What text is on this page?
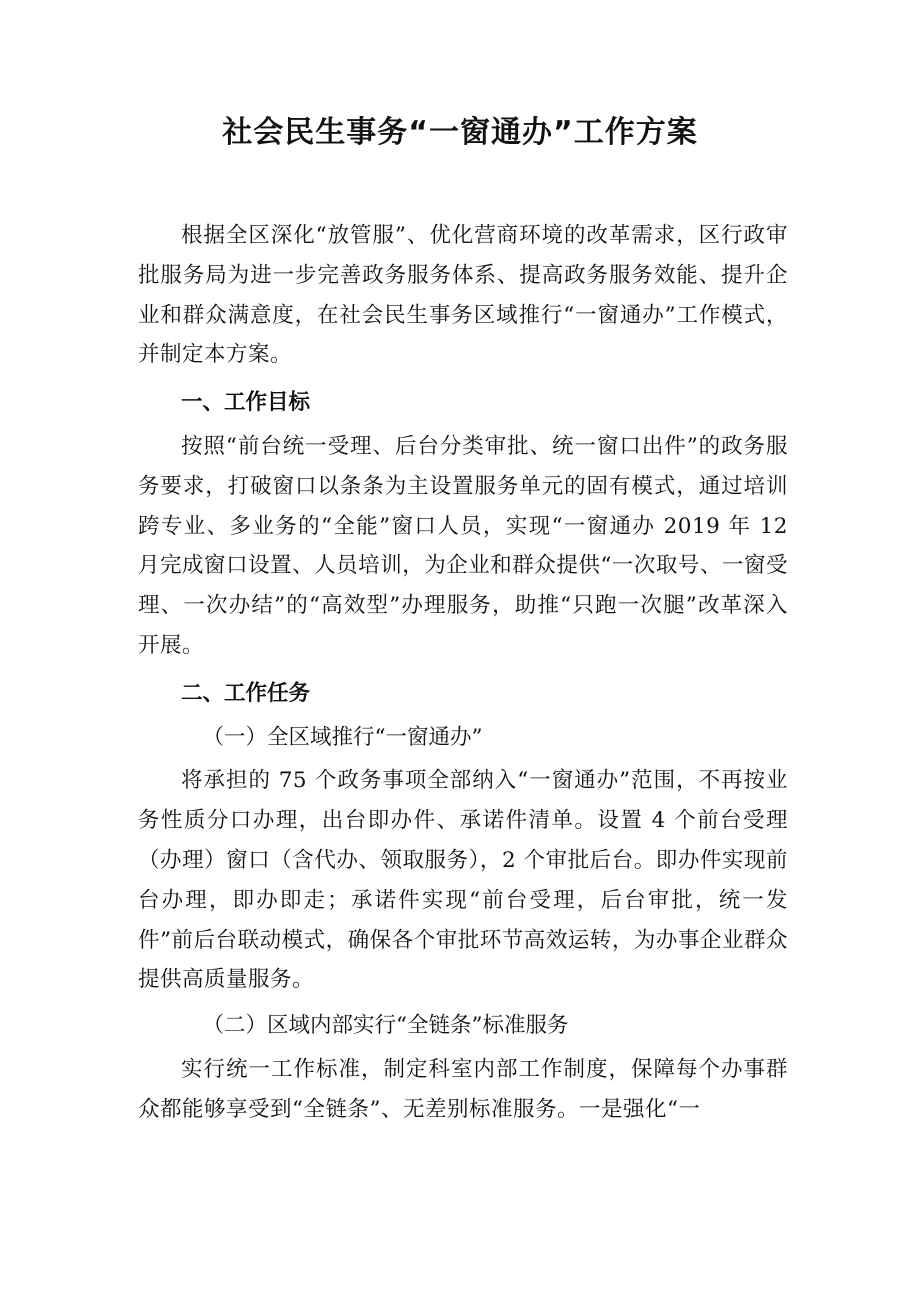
社会民生事务“一窗通办”工作方案

根据全区深化“放管服”、优化营商环境的改革需求，区行政审批服务局为进一步完善政务服务体系、提高政务服务效能、提升企业和群众满意度，在社会民生事务区域推行“一窗通办”工作模式，并制定本方案。

一、工作目标

按照“前台统一受理、后台分类审批、统一窗口出件”的政务服务要求，打破窗口以条条为主设置服务单元的固有模式，通过培训跨专业、多业务的“全能”窗口人员，实现“一窗通办 2019 年 12 月完成窗口设置、人员培训，为企业和群众提供“一次取号、一窗受理、一次办结”的“高效型”办理服务，助推“只跑一次腿”改革深入开展。

二、工作任务

（一）全区域推行“一窗通办”

将承担的 75 个政务事项全部纳入“一窗通办”范围，不再按业务性质分口办理，出台即办件、承诺件清单。设置 4 个前台受理（办理）窗口（含代办、领取服务），2 个审批后台。即办件实现前台办理，即办即走；承诺件实现“前台受理，后台审批，统一发件”前后台联动模式，确保各个审批环节高效运转，为办事企业群众提供高质量服务。

（二）区域内部实行“全链条”标准服务

实行统一工作标准，制定科室内部工作制度，保障每个办事群众都能够享受到“全链条”、无差别标准服务。一是强化“一
